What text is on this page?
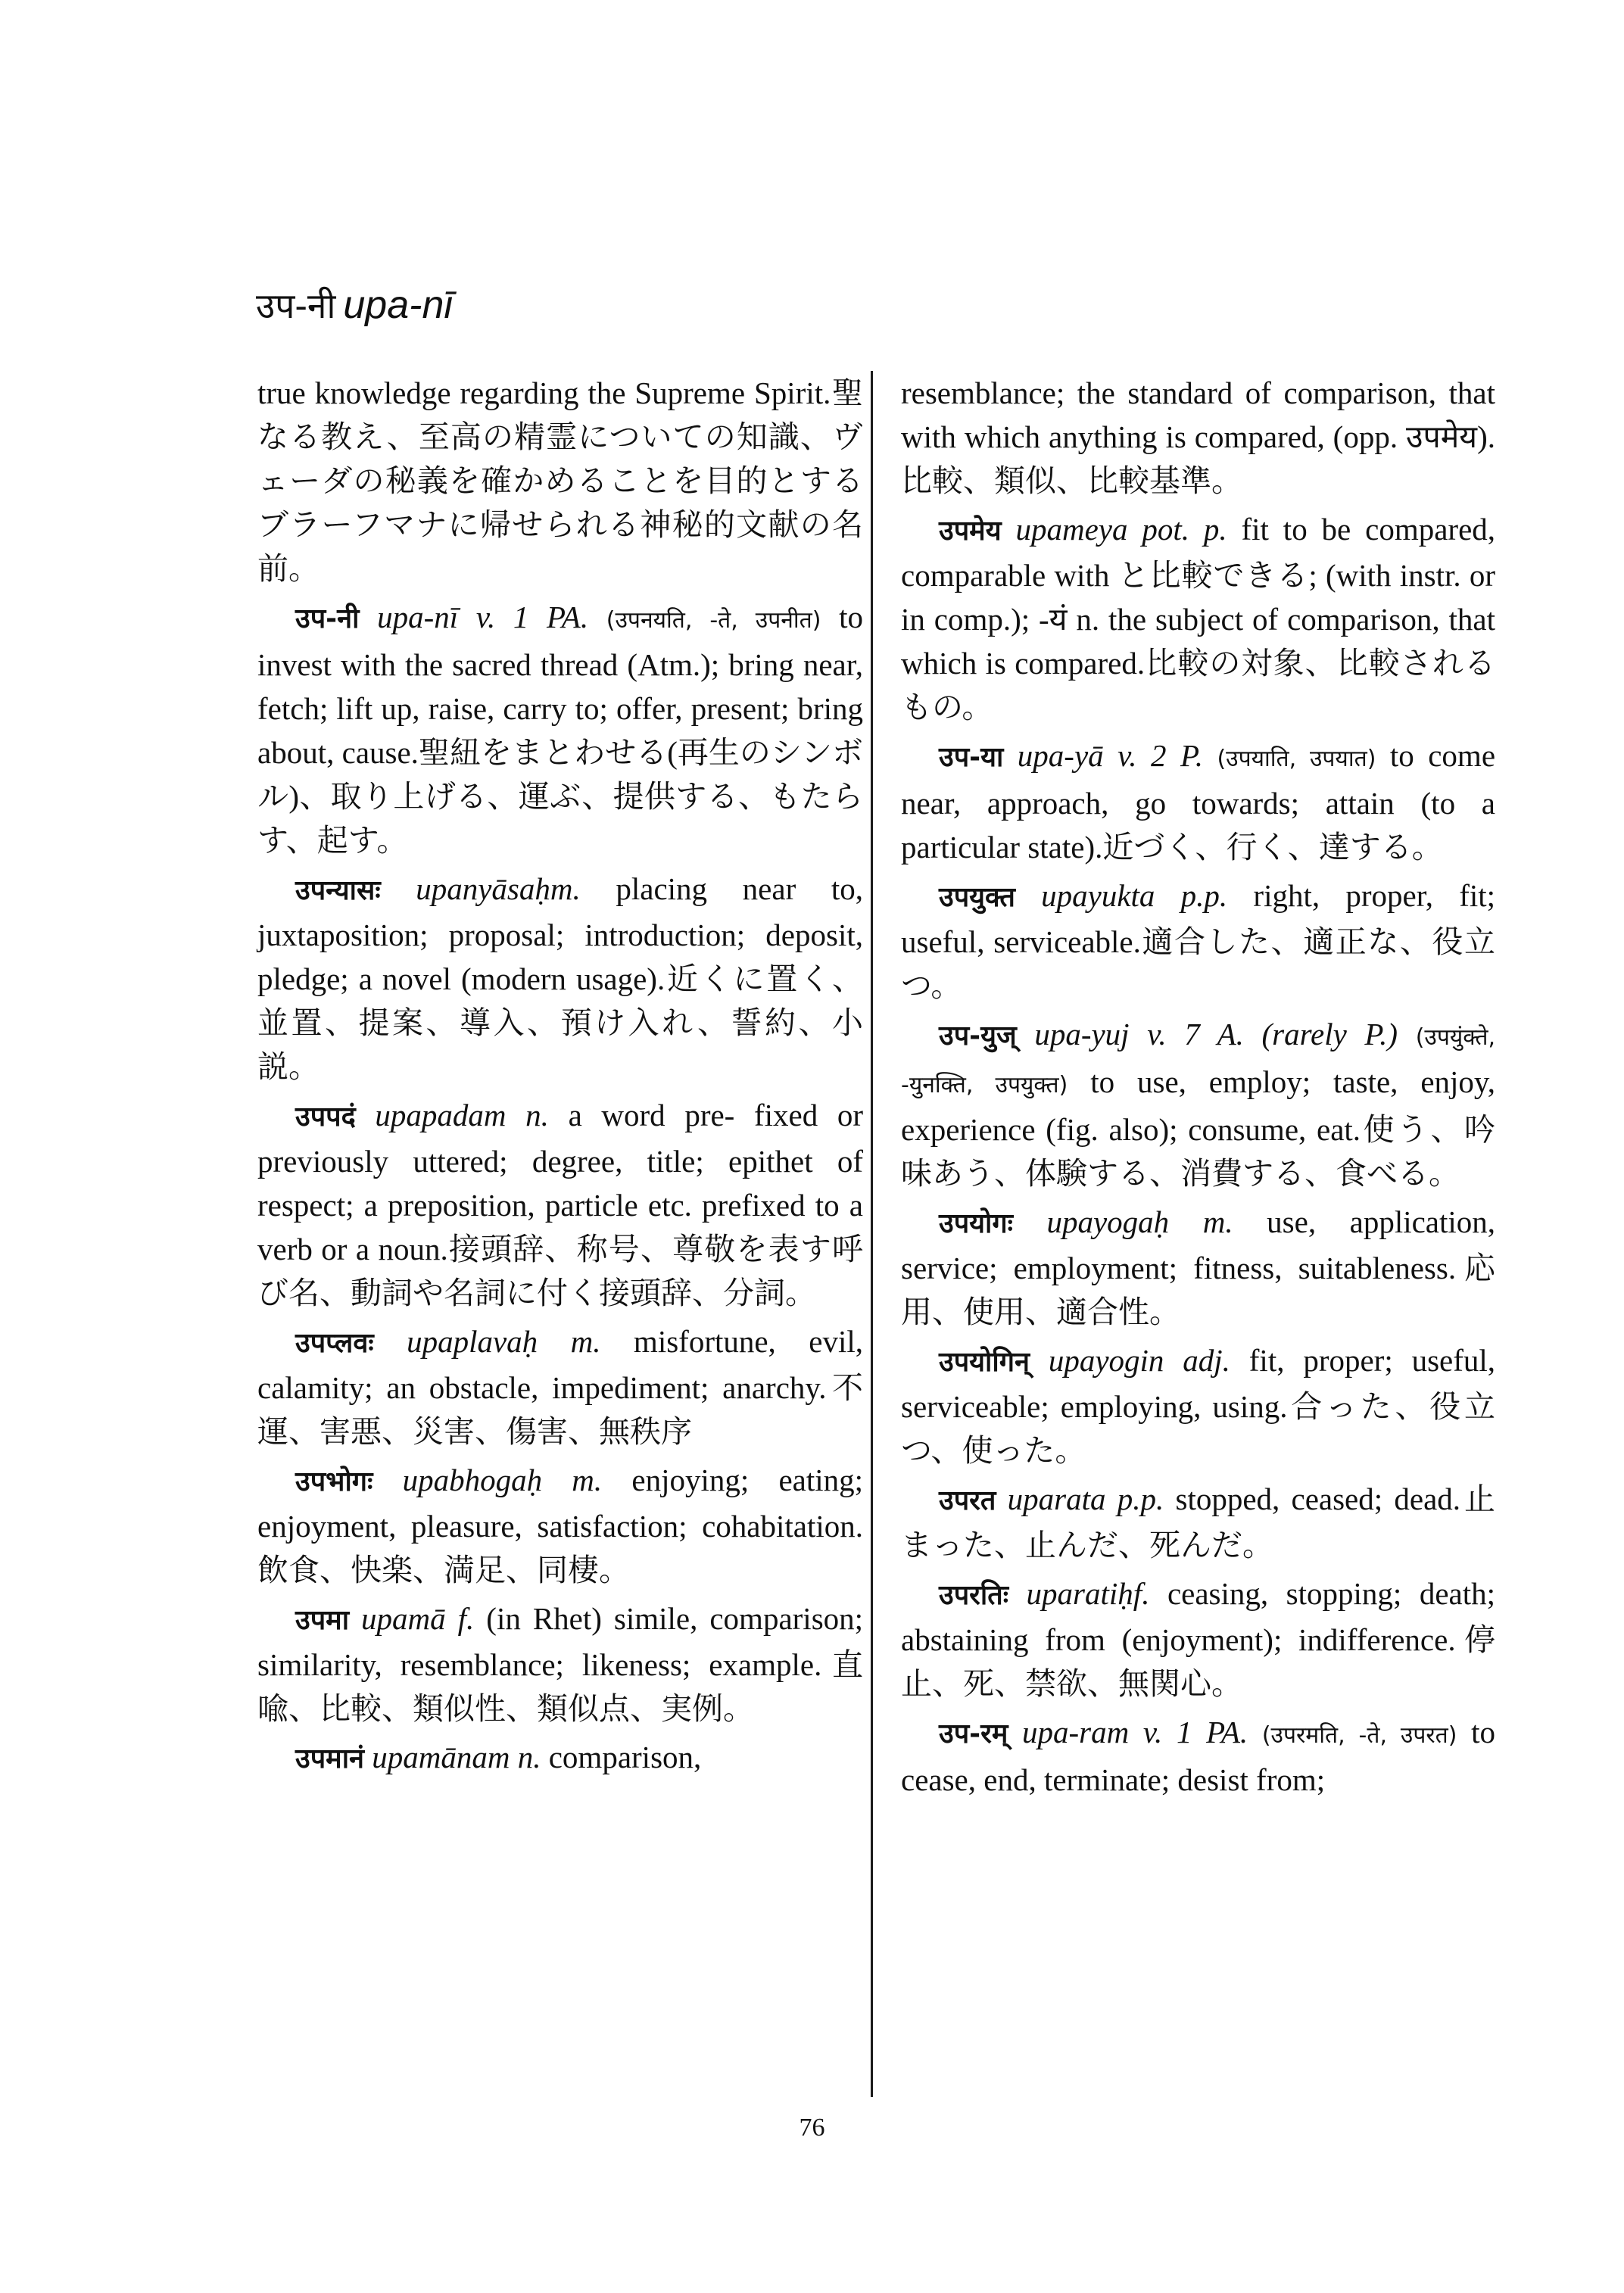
उप-नी upa-nī

true knowledge regarding the Supreme Spirit.聖なる教え、至高の精霊についての知識、ヴェーダの秘義を確かめることを目的とするブラーフマナに帰せられる神秘的文献の名前。

उप-नी upa-nī v. 1 PA. (उपनयति, -ते, उपनीत) to invest with the sacred thread (Atm.); bring near, fetch; lift up, raise, carry to; offer, present; bring about, cause.聖紐をまとわせる(再生のシンボル)、取り上げる、運ぶ、提供する、もたらす、起す。

उपन्यासः upanyāsaḥm. placing near to, juxtaposition; proposal; introduction; deposit, pledge; a novel (modern usage).近くに置く、並置、提案、導入、預け入れ、誓約、小説。

उपपदं upapadam n. a word pre- fixed or previously uttered; degree, title; epithet of respect; a preposition, particle etc. prefixed to a verb or a noun.接頭辞、称号、尊敬を表す呼び名、動詞や名詞に付く接頭辞、分詞。

उपप्लवः upaplavaḥ m. misfortune, evil, calamity; an obstacle, impediment; anarchy.不運、害悪、災害、傷害、無秩序

उपभोगः upabhogaḥ m. enjoying; eating; enjoyment, pleasure, satisfaction; cohabitation.飲食、快楽、満足、同棲。

उपमा upamā f. (in Rhet) simile, comparison; similarity, resemblance; likeness; example.直喩、比較、類似性、類似点、実例。

उपमानं upamānam n. comparison,

resemblance; the standard of comparison, that with which anything is compared, (opp. उपमेय).比較、類似、比較基準。

उपमेय upameya pot. p. fit to be compared, comparable with と比較できる; (with instr. or in comp.); -यं n. the subject of comparison, that which is compared.比較の対象、比較されるもの。

उप-या upa-yā v. 2 P. (उपयाति, उपयात) to come near, approach, go towards; attain (to a particular state).近づく、行く、達する。

उपयुक्त upayukta p.p. right, proper, fit; useful, serviceable.適合した、適正な、役立つ。

उप-युज् upa-yuj v. 7 A. (rarely P.) (उपयुंक्ते, -युनक्ति, उपयुक्त) to use, employ; taste, enjoy, experience (fig. also); consume, eat.使う、吟味あう、体験する、消費する、食べる。

उपयोगः upayogaḥ m. use, application, service; employment; fitness, suitableness.応用、使用、適合性。

उपयोगिन् upayogin adj. fit, proper; useful, serviceable; employing, using.合った、役立つ、使った。

उपरत uparata p.p. stopped, ceased; dead.止まった、止んだ、死んだ。

उपरतिः uparatiḥf. ceasing, stopping; death; abstaining from (enjoyment); indifference.停止、死、禁欲、無関心。

उप-रम् upa-ram v. 1 PA. (उपरमति, -ते, उपरत) to cease, end, terminate; desist from;

76
